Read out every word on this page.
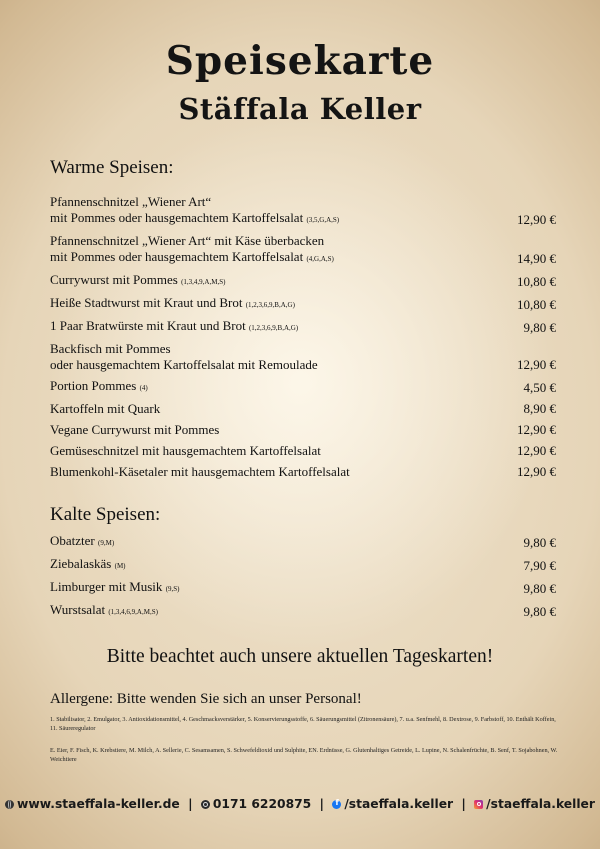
Speisekarte
Stäffala Keller
Warme Speisen:
Pfannenschnitzel „Wiener Art“
mit Pommes oder hausgemachtem Kartoffelsalat (3,5,G,A,S)	12,90 €
Pfannenschnitzel „Wiener Art“ mit Käse überbacken
mit Pommes oder hausgemachtem Kartoffelsalat (4,G,A,S)	14,90 €
Currywurst mit Pommes (1,3,4,9,A,M,S)	10,80 €
Heiße Stadtwurst mit Kraut und Brot (1,2,3,6,9,B,A,G)	10,80 €
1 Paar Bratwürste mit Kraut und Brot (1,2,3,6,9,B,A,G)	9,80 €
Backfisch mit Pommes
oder hausgemachtem Kartoffelsalat mit Remoulade	12,90 €
Portion Pommes (4)	4,50 €
Kartoffeln mit Quark	8,90 €
Vegane Currywurst mit Pommes	12,90 €
Gemüseschnitzel mit hausgemachtem Kartoffelsalat	12,90 €
Blumenkohl-Käsetaler mit hausgemachtem Kartoffelsalat	12,90 €
Kalte Speisen:
Obatzter (9,M)	9,80 €
Ziebalaskäs (M)	7,90 €
Limburger mit Musik (9,S)	9,80 €
Wurstsalat (1,3,4,6,9,A,M,S)	9,80 €
Bitte beachtet auch unsere aktuellen Tageskarten!
Allergene: Bitte wenden Sie sich an unser Personal!
1. Stabilisator, 2. Emulgator, 3. Antioxidationsmittel, 4. Geschmacksverstärker, 5. Konservierungsstoffe, 6. Säuerungsmittel (Zitronensäure), 7. u.a. Senfmehl, 8. Dextrose, 9. Farbstoff, 10. Enthält Koffein, 11. Säureregulator
E. Eier, F. Fisch, K. Krebstiere, M. Milch, A. Sellerie, C. Sesamsamen, S. Schwefeldioxid und Sulphite, EN. Erdnüsse, G. Glutenhaltiges Getreide, L. Lupine, N. Schalenfrüchte, B. Senf, T. Sojabohnen, W. Weichtiere
www.staeffala-keller.de | 0171 6220875 | f /staeffala.keller | /staeffala.keller
